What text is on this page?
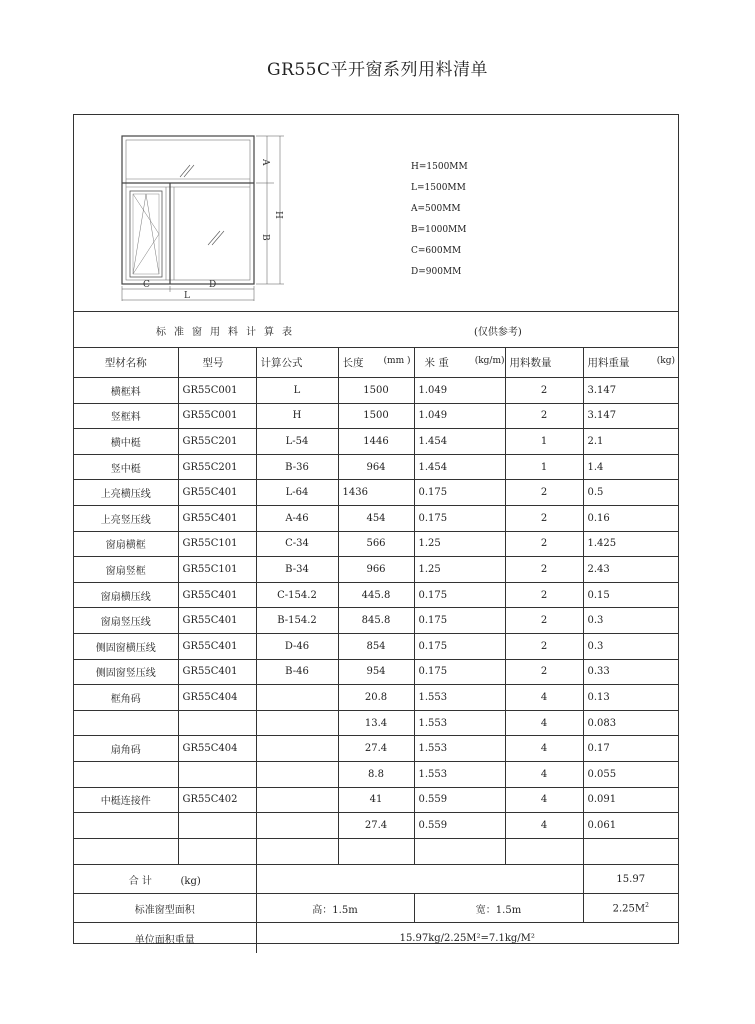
GR55C平开窗系列用料清单
A
B
H
C	D
L
H=1500MM
L=1500MM
A=500MM
B=1000MM
C=600MM
D=900MM
标准窗用料计算表	(仅供参考)
型材名称	型号	计算公式	长度 (mm )	米 重 (kg/m)	用料数量	用料重量 (kg)

横框料	GR55C001	L	1500	1.049	2	3.147
竖框料	GR55C001	H	1500	1.049	2	3.147
横中梃	GR55C201	L-54	1446	1.454	1	2.1
竖中梃	GR55C201	B-36	964	1.454	1	1.4
上亮横压线	GR55C401	L-64	1436	0.175	2	0.5
上亮竖压线	GR55C401	A-46	454	0.175	2	0.16
窗扇横框	GR55C101	C-34	566	1.25	2	1.425
窗扇竖框	GR55C101	B-34	966	1.25	2	2.43
窗扇横压线	GR55C401	C-154.2	445.8	0.175	2	0.15
窗扇竖压线	GR55C401	B-154.2	845.8	0.175	2	0.3
侧固窗横压线	GR55C401	D-46	854	0.175	2	0.3
侧固窗竖压线	GR55C401	B-46	954	0.175	2	0.33
框角码	GR55C404		20.8	1.553	4	0.13
			13.4	1.553	4	0.083
扇角码	GR55C404		27.4	1.553	4	0.17
			8.8	1.553	4	0.055
中梃连接件	GR55C402		41	0.559	4	0.091
			27.4	0.559	4	0.061

合 计 (kg)			15.97
标准窗型面积	高：1.5m	宽：1.5m	$2.25M^2$
单位面积重量	15.97kg/2.25M²=7.1kg/M²		
